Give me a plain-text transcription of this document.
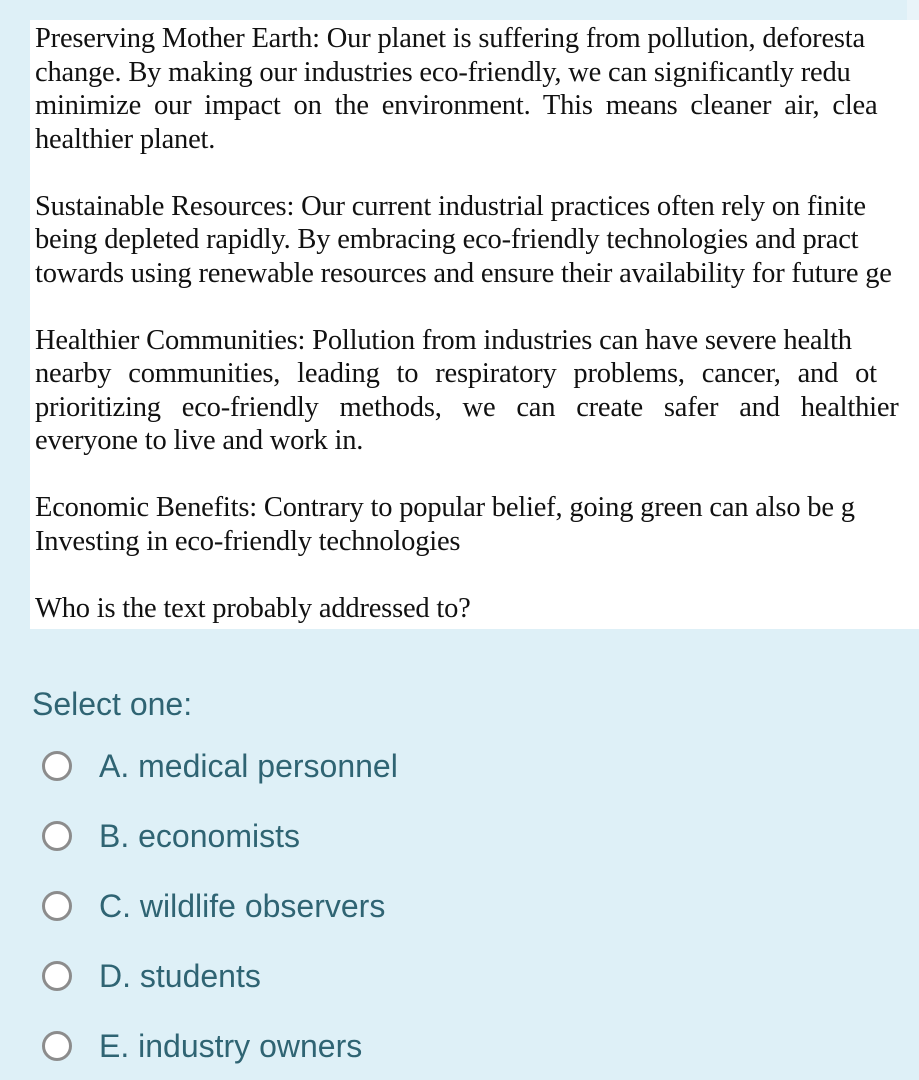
Preserving Mother Earth: Our planet is suffering from pollution, deforesta
change. By making our industries eco-friendly, we can significantly redu
minimize our impact on the environment. This means cleaner air, clea
healthier planet.
Sustainable Resources: Our current industrial practices often rely on finite
being depleted rapidly. By embracing eco-friendly technologies and pract
towards using renewable resources and ensure their availability for future ge
Healthier Communities: Pollution from industries can have severe health
nearby communities, leading to respiratory problems, cancer, and ot
prioritizing eco-friendly methods, we can create safer and healthier
everyone to live and work in.
Economic Benefits: Contrary to popular belief, going green can also be g
Investing in eco-friendly technologies

Who is the text probably addressed to?

Select one:
A. medical personnel
B. economists
C. wildlife observers
D. students
E. industry owners
